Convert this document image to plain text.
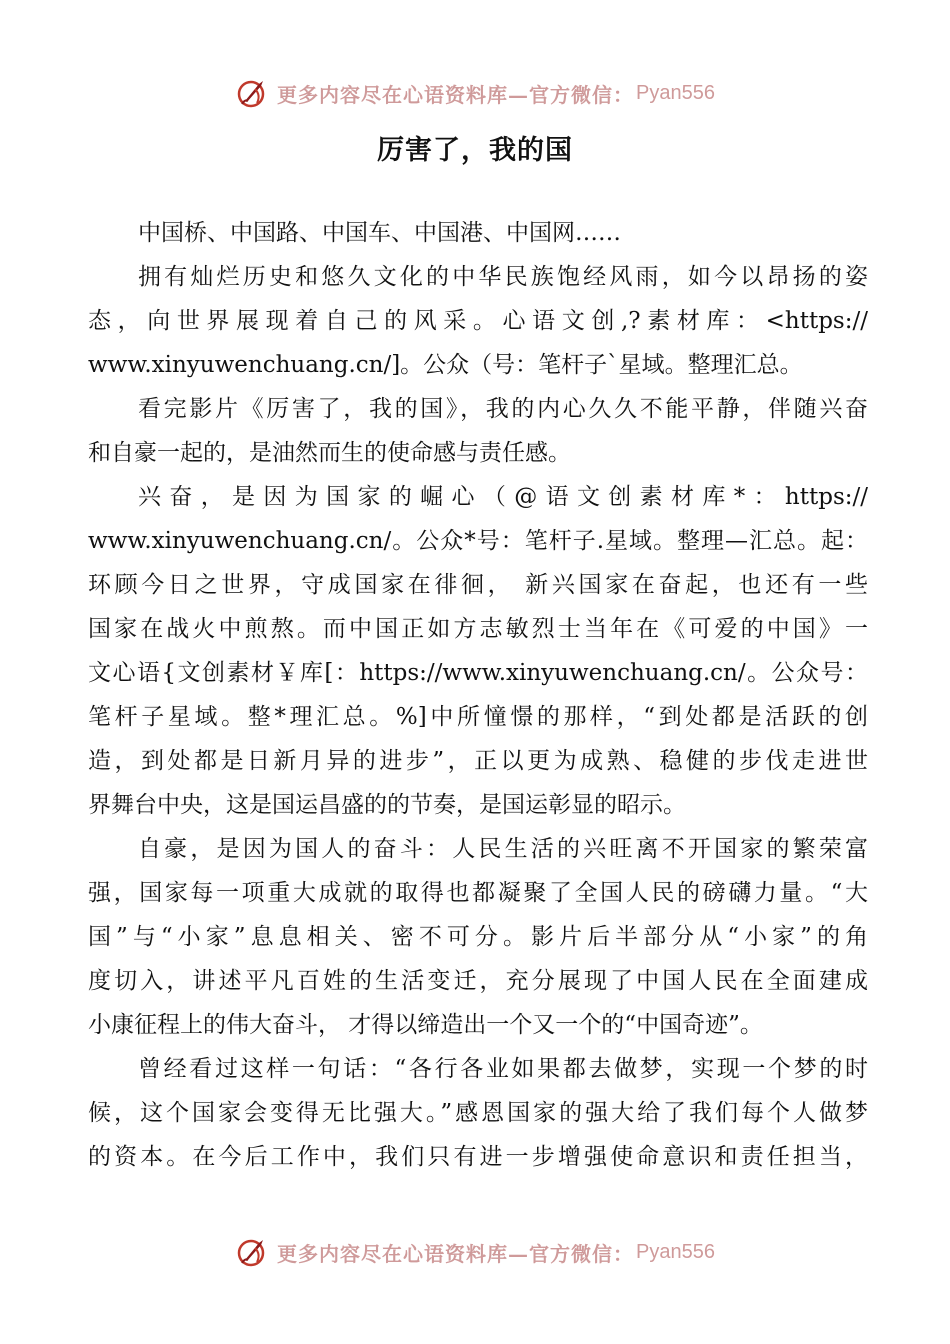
更多内容尽在心语资料库—官方微信： Pyan556
厉害了，我的国
中国桥、中国路、中国车、中国港、中国网……
拥有灿烂历史和悠久文化的中华民族饱经风雨，如今以昂扬的姿
态，向世界展现着自己的风采。心语文创,?素材库：<https://
www.xinyuwenchuang.cn/]。公众（号：笔杆子`星域。整理汇总。
看完影片《厉害了，我的国》，我的内心久久不能平静，伴随兴奋
和自豪一起的，是油然而生的使命感与责任感。
兴奋，是因为国家的崛心（@语文创素材库*：https://
www.xinyuwenchuang.cn/。公众*号：笔杆子.星域。整理—汇总。起：
环顾今日之世界，守成国家在徘徊， 新兴国家在奋起，也还有一些
国家在战火中煎熬。而中国正如方志敏烈士当年在《可爱的中国》一
文心语{文创素材￥库[：https://www.xinyuwenchuang.cn/。公众号：
笔杆子星域。整*理汇总。%]中所憧憬的那样，“到处都是活跃的创
造，到处都是日新月异的进步”，正以更为成熟、稳健的步伐走进世
界舞台中央，这是国运昌盛的的节奏，是国运彰显的昭示。
自豪，是因为国人的奋斗：人民生活的兴旺离不开国家的繁荣富
强，国家每一项重大成就的取得也都凝聚了全国人民的磅礴力量。“大
国”与“小家”息息相关、密不可分。影片后半部分从“小家”的角
度切入，讲述平凡百姓的生活变迁，充分展现了中国人民在全面建成
小康征程上的伟大奋斗， 才得以缔造出一个又一个的“中国奇迹”。
曾经看过这样一句话：“各行各业如果都去做梦，实现一个梦的时
候，这个国家会变得无比强大。”感恩国家的强大给了我们每个人做梦
的资本。在今后工作中，我们只有进一步增强使命意识和责任担当，
更多内容尽在心语资料库—官方微信： Pyan556
